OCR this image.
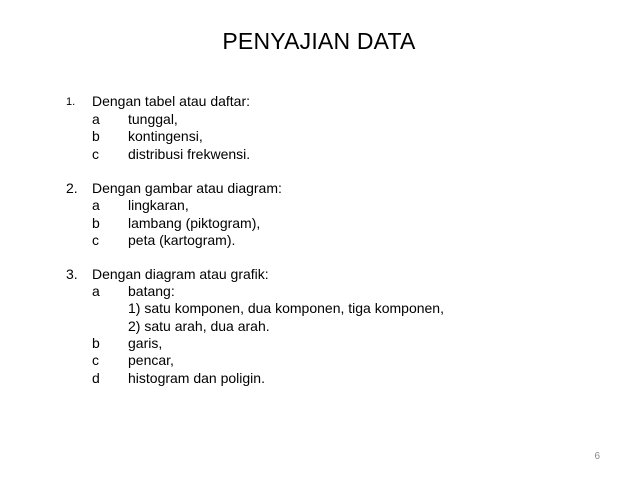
PENYAJIAN DATA
1. Dengan tabel atau daftar:
a tunggal,
b kontingensi,
c distribusi frekwensi.
2. Dengan gambar atau diagram:
a lingkaran,
b lambang (piktogram),
c peta (kartogram).
3. Dengan diagram atau grafik:
a batang:
1) satu komponen, dua komponen, tiga komponen,
2) satu arah, dua arah.
b garis,
c pencar,
d histogram dan poligin.
6
